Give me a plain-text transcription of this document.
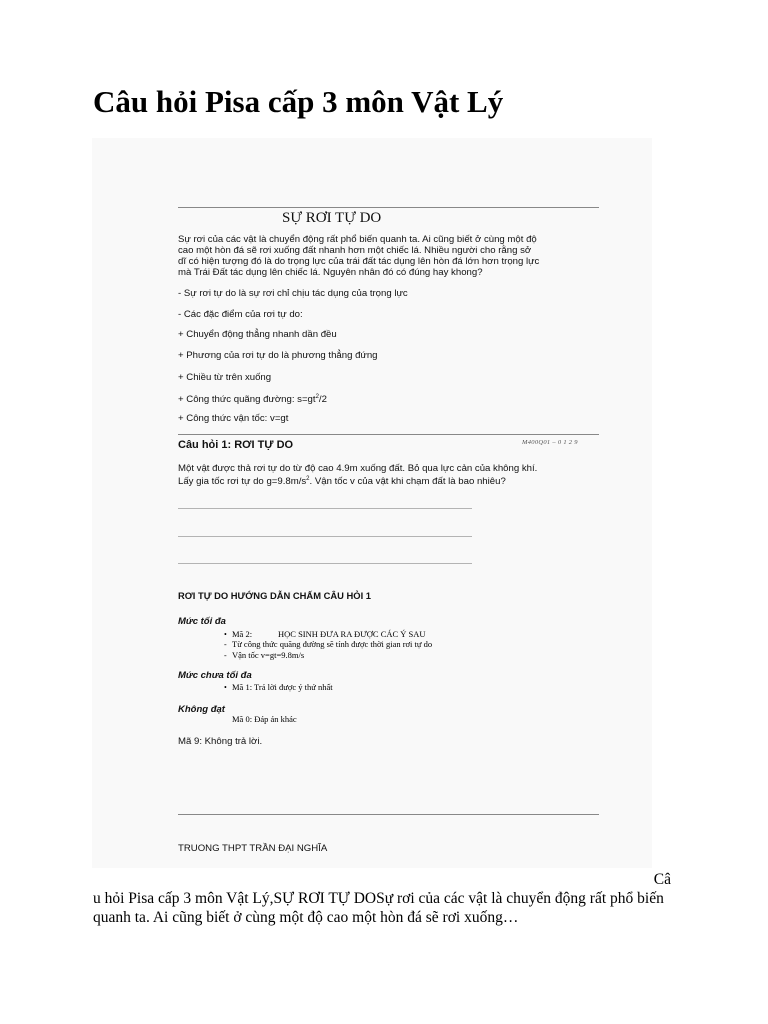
Câu hỏi Pisa cấp 3 môn Vật Lý
SỰ RƠI TỰ DO
Sự rơi của các vật là chuyển động rất phổ biến quanh ta. Ai cũng biết ở cùng một độ
cao một hòn đá sẽ rơi xuống đất nhanh hơn một chiếc lá. Nhiều người cho rằng sở
dĩ có hiện tượng đó là do trọng lực của trái đất tác dụng lên hòn đá lớn hơn trọng lực
mà Trái Đất tác dụng lên chiếc lá. Nguyên nhân đó có đúng hay khong?
- Sự rơi tự do là sự rơi chỉ chịu tác dụng của trọng lực
- Các đặc điểm của rơi tự do:
+ Chuyển động thẳng nhanh dần đều
+ Phương của rơi tự do là phương thẳng đứng
+ Chiều từ trên xuống
+ Công thức quãng đường: $s=gt^2/2$
+ Công thức vận tốc: v=gt
Câu hỏi 1: RƠI TỰ DO	M400Q01 – 0 1 2 9
Một vật được thả rơi tự do từ độ cao 4.9m xuống đất. Bỏ qua lực cản của không khí.
Lấy gia tốc rơi tự do $g=9.8m/s^2$. Vận tốc v của vật khi chạm đất là bao nhiêu?
...................................................................................................................................................
...................................................................................................................................................
...................................................................................................................................................
RƠI TỰ DO HƯỚNG DẪN CHẤM CÂU HỎI 1
Mức tối đa
• Mã 2:	HỌC SINH ĐƯA RA ĐƯỢC CÁC Ý SAU
- Từ công thức quãng đường sẽ tính được thời gian rơi tự do
- Vận tốc v=gt=9.8m/s
Mức chưa tối đa
• Mã 1: Trả lời được ý thứ nhất
Không đạt
Mã 0: Đáp án khác
Mã 9: Không trả lời.
TRUONG THPT TRẦN ĐẠI NGHĨA
Câ
u hỏi Pisa cấp 3 môn Vật Lý,SỰ RƠI TỰ DOSự rơi của các vật là chuyển động rất phổ biến quanh ta. Ai cũng biết ở cùng một độ cao một hòn đá sẽ rơi xuống…
